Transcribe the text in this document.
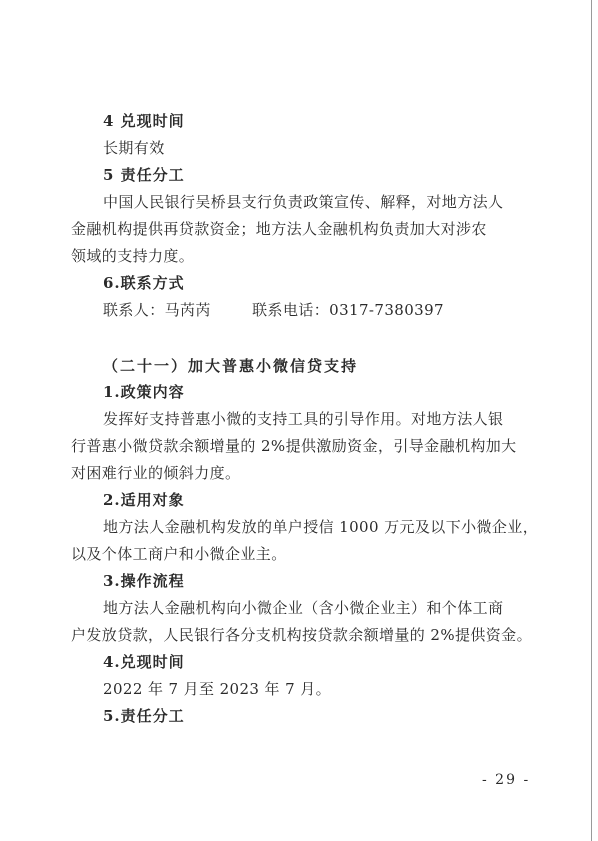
4 兑现时间
长期有效
5 责任分工
中国人民银行吴桥县支行负责政策宣传、解释，对地方法人
金融机构提供再贷款资金；地方法人金融机构负责加大对涉农
领域的支持力度。
6.联系方式
联系人：马芮芮        联系电话：0317-7380397
（二十一）加大普惠小微信贷支持
1.政策内容
发挥好支持普惠小微的支持工具的引导作用。对地方法人银
行普惠小微贷款余额增量的 2%提供激励资金，引导金融机构加大
对困难行业的倾斜力度。
2.适用对象
地方法人金融机构发放的单户授信 1000 万元及以下小微企业，
以及个体工商户和小微企业主。
3.操作流程
地方法人金融机构向小微企业（含小微企业主）和个体工商
户发放贷款，人民银行各分支机构按贷款余额增量的 2%提供资金。
4.兑现时间
2022 年 7 月至 2023 年 7 月。
5.责任分工
- 29 -
